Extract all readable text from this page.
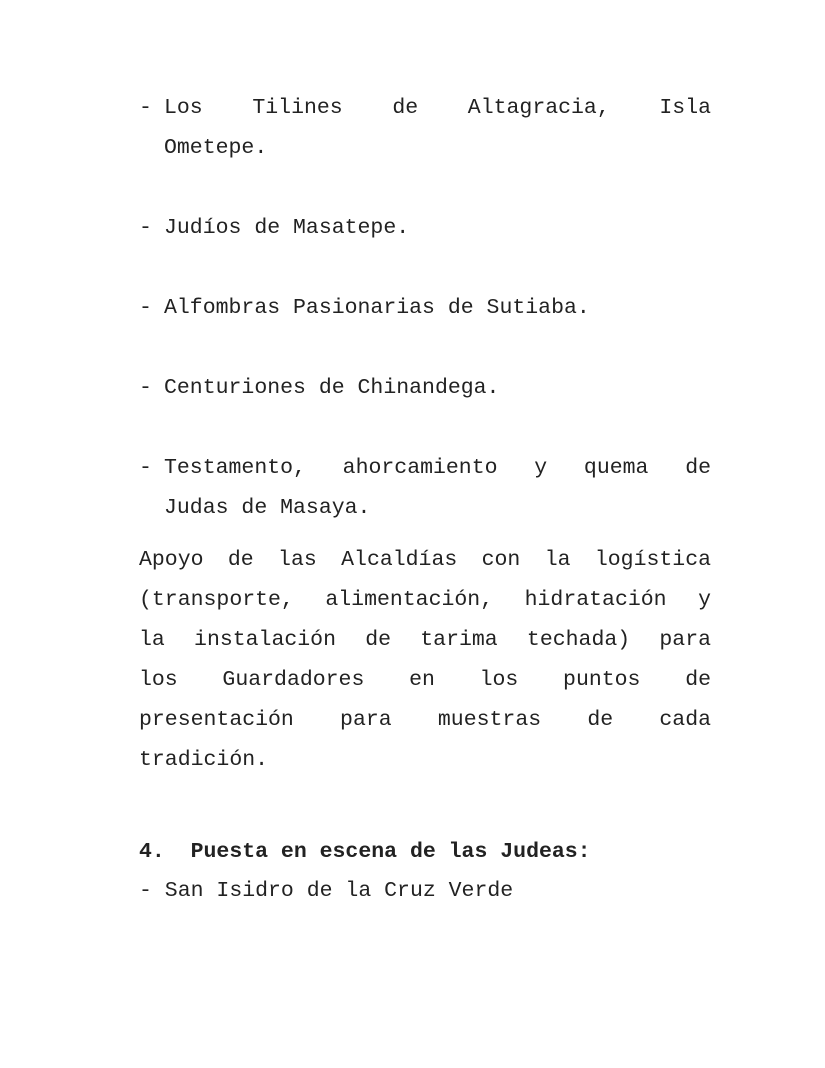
- Los Tilines de Altagracia, Isla
Ometepe.
- Judíos de Masatepe.
- Alfombras Pasionarias de Sutiaba.
- Centuriones de Chinandega.
- Testamento, ahorcamiento y quema de
Judas de Masaya.
Apoyo de las Alcaldías con la logística
(transporte, alimentación, hidratación y
la instalación de tarima techada) para
los Guardadores en los puntos de
presentación para muestras de cada
tradición.
4.  Puesta en escena de las Judeas:
- San Isidro de la Cruz Verde
